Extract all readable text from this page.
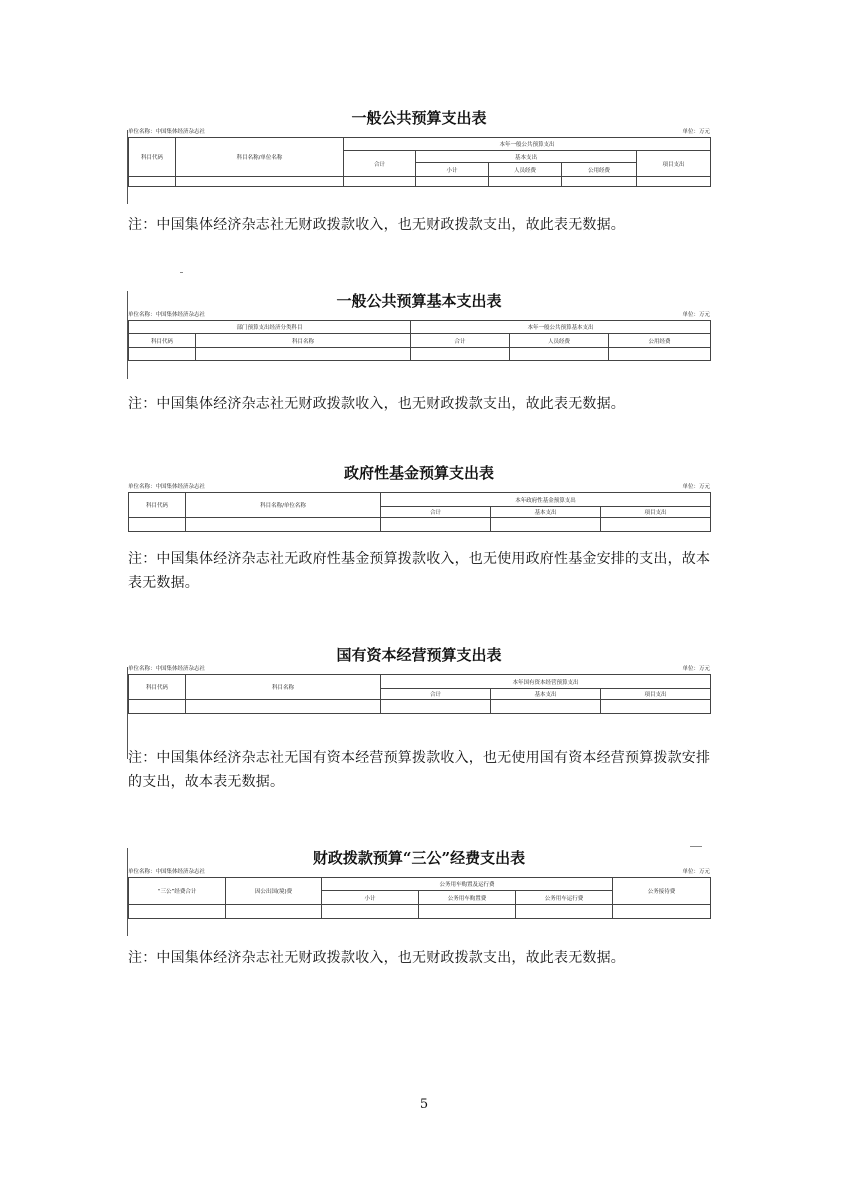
一般公共预算支出表
单位名称：中国集体经济杂志社	单位：万元
科目代码	科目名称/单位名称	本年一般公共预算支出				
		合计	基本支出			项目支出
			小计	人员经费	公用经费	

注：中国集体经济杂志社无财政拨款收入，也无财政拨款支出，故此表无数据。
一般公共预算基本支出表
单位名称：中国集体经济杂志社	单位：万元
部门预算支出经济分类科目		本年一般公共预算基本支出		
科目代码	科目名称	合计	人员经费	公用经费

注：中国集体经济杂志社无财政拨款收入，也无财政拨款支出，故此表无数据。
政府性基金预算支出表
单位名称：中国集体经济杂志社	单位：万元
科目代码	科目名称/单位名称	本年政府性基金预算支出		
		合计	基本支出	项目支出

注：中国集体经济杂志社无政府性基金预算拨款收入，也无使用政府性基金安排的支出，故本表无数据。
国有资本经营预算支出表
单位名称：中国集体经济杂志社	单位：万元
科目代码	科目名称	本年国有资本经营预算支出		
		合计	基本支出	项目支出

注：中国集体经济杂志社无国有资本经营预算拨款收入，也无使用国有资本经营预算拨款安排的支出，故本表无数据。
财政拨款预算“三公”经费支出表
单位名称：中国集体经济杂志社	单位：万元
“三公”经费合计	因公出国(境)费	公务用车购置及运行费			公务接待费
		小计	公务用车购置费	公务用车运行费	

注：中国集体经济杂志社无财政拨款收入，也无财政拨款支出，故此表无数据。
5
